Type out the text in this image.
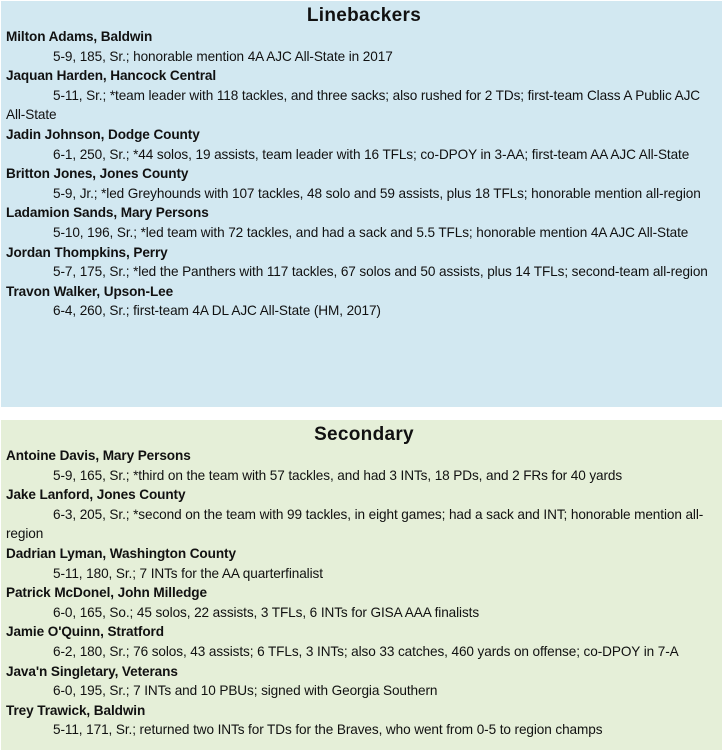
Linebackers
Milton Adams, Baldwin
5-9, 185, Sr.; honorable mention 4A AJC All-State in 2017
Jaquan Harden, Hancock Central
5-11, Sr.; *team leader with 118 tackles, and three sacks; also rushed for 2 TDs; first-team Class A Public AJC All-State
Jadin Johnson, Dodge County
6-1, 250, Sr.; *44 solos, 19 assists, team leader with 16 TFLs; co-DPOY in 3-AA; first-team AA AJC All-State
Britton Jones, Jones County
5-9, Jr.; *led Greyhounds with 107 tackles, 48 solo and 59 assists, plus 18 TFLs; honorable mention all-region
Ladamion Sands, Mary Persons
5-10, 196, Sr.; *led team with 72 tackles, and had a sack and 5.5 TFLs; honorable mention 4A AJC All-State
Jordan Thompkins, Perry
5-7, 175, Sr.; *led the Panthers with 117 tackles, 67 solos and 50 assists, plus 14 TFLs; second-team all-region
Travon Walker, Upson-Lee
6-4, 260, Sr.; first-team 4A DL AJC All-State (HM, 2017)
Secondary
Antoine Davis, Mary Persons
5-9, 165, Sr.; *third on the team with 57 tackles, and had 3 INTs, 18 PDs, and 2 FRs for 40 yards
Jake Lanford, Jones County
6-3, 205, Sr.; *second on the team with 99 tackles, in eight games; had a sack and INT; honorable mention all-region
Dadrian Lyman, Washington County
5-11, 180, Sr.; 7 INTs for the AA quarterfinalist
Patrick McDonel, John Milledge
6-0, 165, So.; 45 solos, 22 assists, 3 TFLs, 6 INTs for GISA AAA finalists
Jamie O'Quinn, Stratford
6-2, 180, Sr.; 76 solos, 43 assists; 6 TFLs, 3 INTs; also 33 catches, 460 yards on offense; co-DPOY in 7-A
Java'n Singletary, Veterans
6-0, 195, Sr.; 7 INTs and 10 PBUs; signed with Georgia Southern
Trey Trawick, Baldwin
5-11, 171, Sr.; returned two INTs for TDs for the Braves, who went from 0-5 to region champs
